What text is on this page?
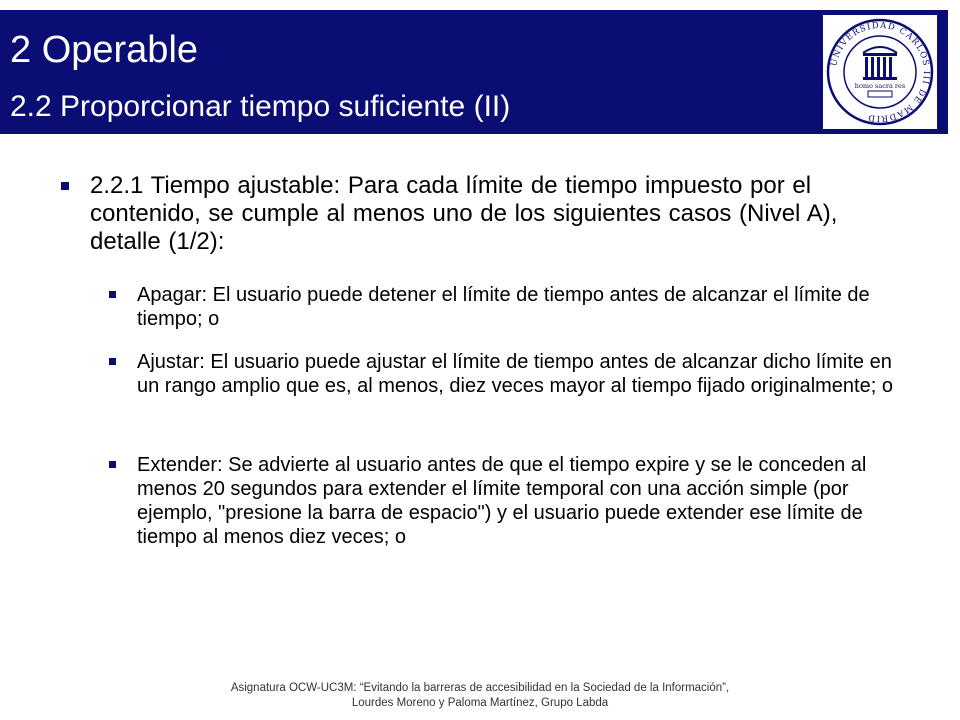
2 Operable
2.2 Proporcionar tiempo suficiente (II)
UNIVERSIDAD CARLOS III DE MADRID
homo sacra res
2.2.1 Tiempo ajustable: Para cada límite de tiempo impuesto por el contenido, se cumple al menos uno de los siguientes casos (Nivel A), detalle (1/2):
Apagar: El usuario puede detener el límite de tiempo antes de alcanzar el límite de tiempo; o
Ajustar: El usuario puede ajustar el límite de tiempo antes de alcanzar dicho límite en un rango amplio que es, al menos, diez veces mayor al tiempo fijado originalmente; o
Extender: Se advierte al usuario antes de que el tiempo expire y se le conceden al menos 20 segundos para extender el límite temporal con una acción simple (por ejemplo, "presione la barra de espacio") y el usuario puede extender ese límite de tiempo al menos diez veces; o
Asignatura OCW-UC3M: “Evitando la barreras de accesibilidad en la Sociedad de la Información”,
Lourdes Moreno y Paloma Martínez, Grupo Labda
